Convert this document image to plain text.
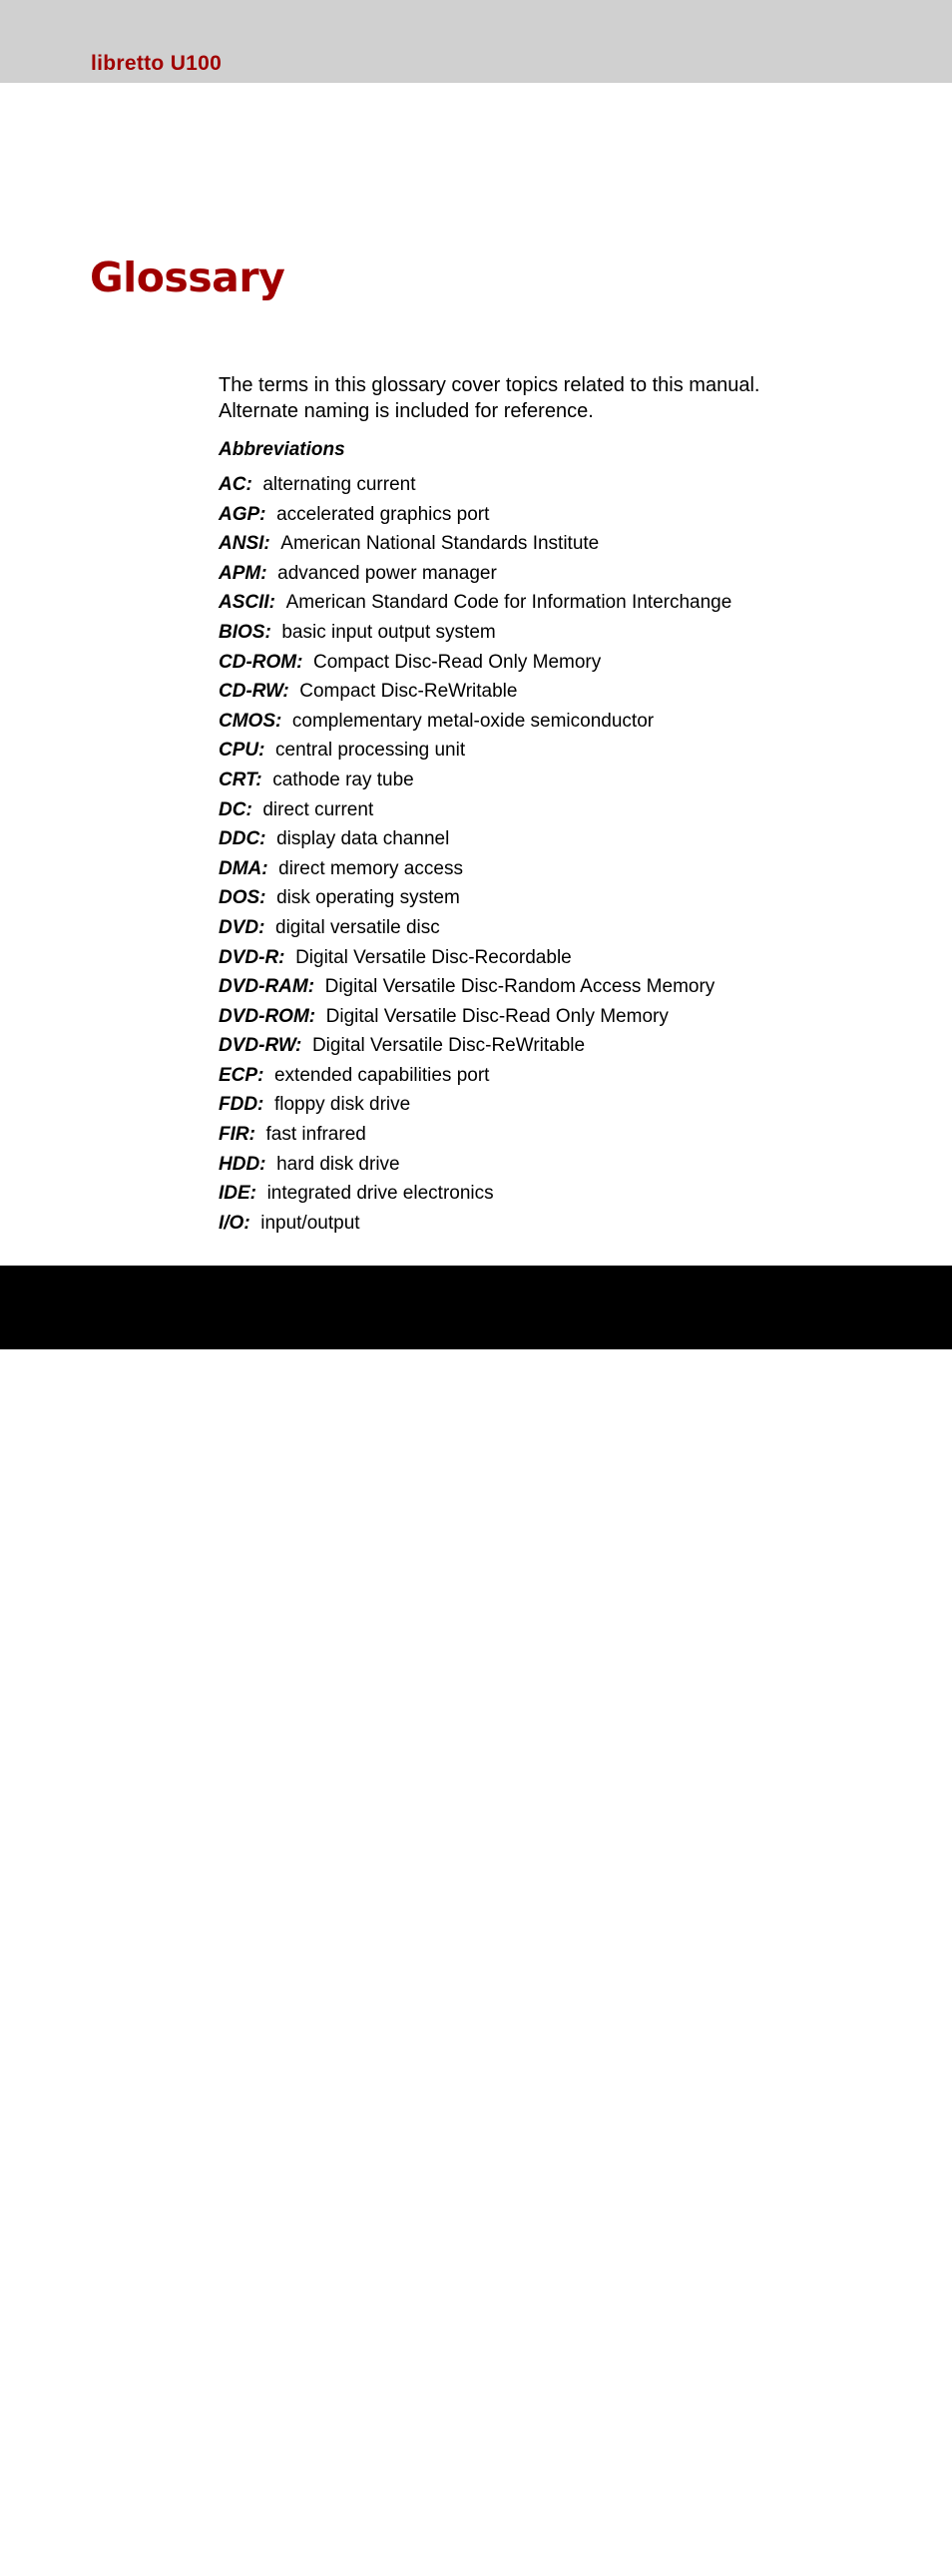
libretto U100
Glossary
The terms in this glossary cover topics related to this manual.
Alternate naming is included for reference.
Abbreviations
AC: alternating current
AGP: accelerated graphics port
ANSI: American National Standards Institute
APM: advanced power manager
ASCII: American Standard Code for Information Interchange
BIOS: basic input output system
CD-ROM: Compact Disc-Read Only Memory
CD-RW: Compact Disc-ReWritable
CMOS: complementary metal-oxide semiconductor
CPU: central processing unit
CRT: cathode ray tube
DC: direct current
DDC: display data channel
DMA: direct memory access
DOS: disk operating system
DVD: digital versatile disc
DVD-R: Digital Versatile Disc-Recordable
DVD-RAM: Digital Versatile Disc-Random Access Memory
DVD-ROM: Digital Versatile Disc-Read Only Memory
DVD-RW: Digital Versatile Disc-ReWritable
ECP: extended capabilities port
FDD: floppy disk drive
FIR: fast infrared
HDD: hard disk drive
IDE: integrated drive electronics
I/O: input/output
User’s Manual	Glossary-1
